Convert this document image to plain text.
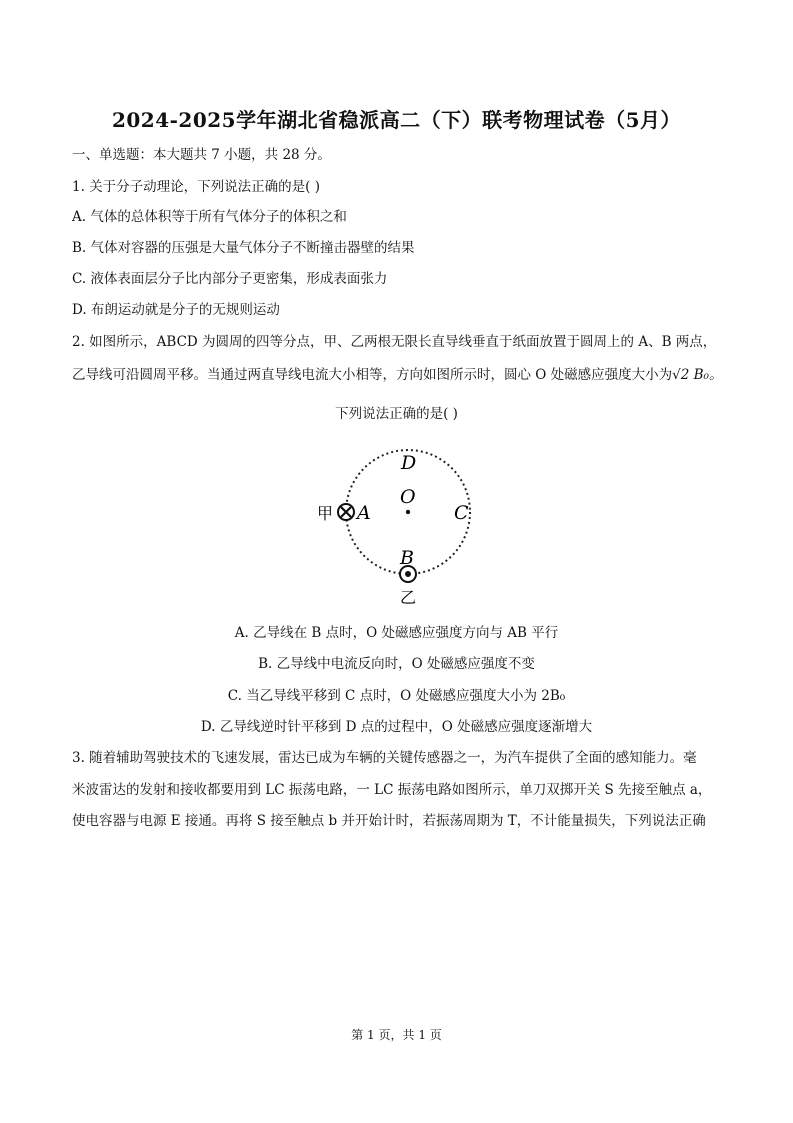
2024-2025学年湖北省稳派高二（下）联考物理试卷（5月）
一、单选题：本大题共 7 小题，共 28 分。
1. 关于分子动理论，下列说法正确的是( )
A. 气体的总体积等于所有气体分子的体积之和
B. 气体对容器的压强是大量气体分子不断撞击器壁的结果
C. 液体表面层分子比内部分子更密集，形成表面张力
D. 布朗运动就是分子的无规则运动
2. 如图所示，ABCD 为圆周的四等分点，甲、乙两根无限长直导线垂直于纸面放置于圆周上的 A、B 两点，
乙导线可沿圆周平移。当通过两直导线电流大小相等，方向如图所示时，圆心 O 处磁感应强度大小为√2 B₀。
下列说法正确的是( )
D
O
A	C
B
甲
乙
A. 乙导线在 B 点时，O 处磁感应强度方向与 AB 平行
B. 乙导线中电流反向时，O 处磁感应强度不变
C. 当乙导线平移到 C 点时，O 处磁感应强度大小为 2B₀
D. 乙导线逆时针平移到 D 点的过程中，O 处磁感应强度逐渐增大
3. 随着辅助驾驶技术的飞速发展，雷达已成为车辆的关键传感器之一，为汽车提供了全面的感知能力。毫
米波雷达的发射和接收都要用到 LC 振荡电路，一 LC 振荡电路如图所示，单刀双掷开关 S 先接至触点 a，
使电容器与电源 E 接通。再将 S 接至触点 b 并开始计时，若振荡周期为 T，不计能量损失，下列说法正确
第 1 页，共 1 页
